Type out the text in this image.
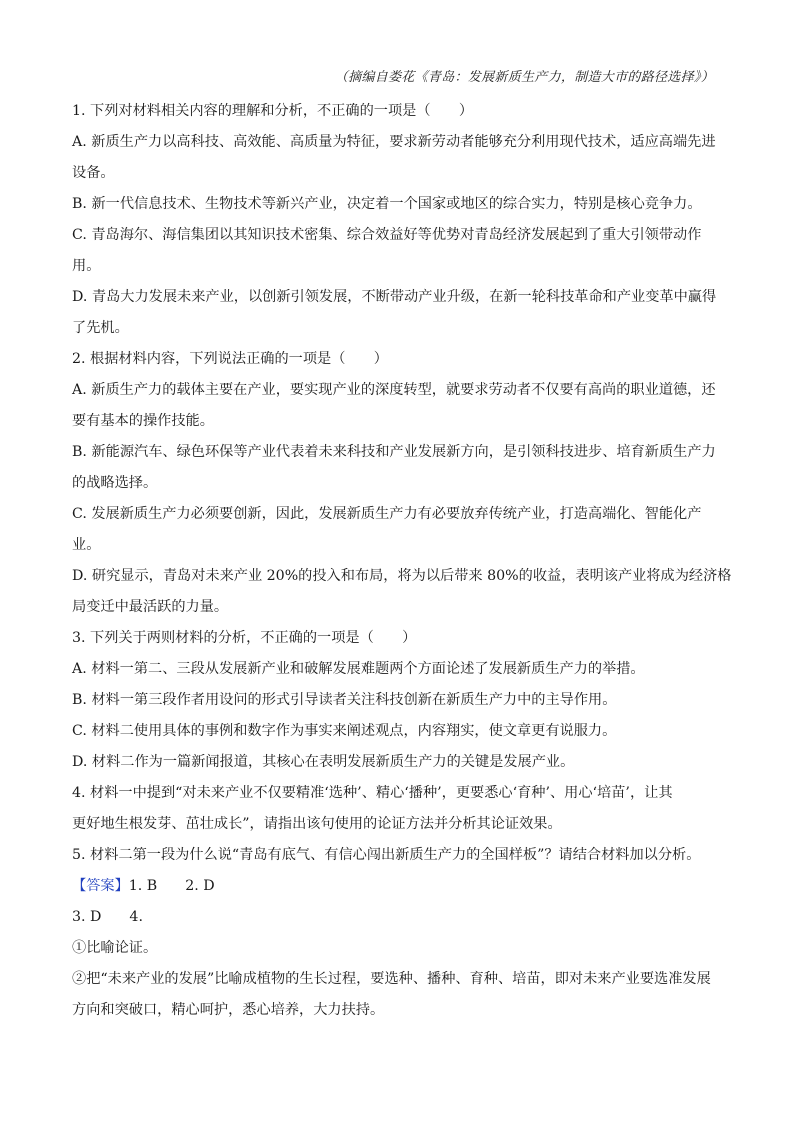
（摘编自娄花《青岛：发展新质生产力，制造大市的路径选择》）
1. 下列对材料相关内容的理解和分析，不正确的一项是（　　）
A. 新质生产力以高科技、高效能、高质量为特征，要求新劳动者能够充分利用现代技术，适应高端先进
设备。
B. 新一代信息技术、生物技术等新兴产业，决定着一个国家或地区的综合实力，特别是核心竞争力。
C. 青岛海尔、海信集团以其知识技术密集、综合效益好等优势对青岛经济发展起到了重大引领带动作
用。
D. 青岛大力发展未来产业，以创新引领发展，不断带动产业升级，在新一轮科技革命和产业变革中赢得
了先机。
2. 根据材料内容，下列说法正确的一项是（　　）
A. 新质生产力的载体主要在产业，要实现产业的深度转型，就要求劳动者不仅要有高尚的职业道德，还
要有基本的操作技能。
B. 新能源汽车、绿色环保等产业代表着未来科技和产业发展新方向，是引领科技进步、培育新质生产力
的战略选择。
C. 发展新质生产力必须要创新，因此，发展新质生产力有必要放弃传统产业，打造高端化、智能化产
业。
D. 研究显示，青岛对未来产业 20%的投入和布局，将为以后带来 80%的收益，表明该产业将成为经济格
局变迁中最活跃的力量。
3. 下列关于两则材料的分析，不正确的一项是（　　）
A. 材料一第二、三段从发展新产业和破解发展难题两个方面论述了发展新质生产力的举措。
B. 材料一第三段作者用设问的形式引导读者关注科技创新在新质生产力中的主导作用。
C. 材料二使用具体的事例和数字作为事实来阐述观点，内容翔实，使文章更有说服力。
D. 材料二作为一篇新闻报道，其核心在表明发展新质生产力的关键是发展产业。
4. 材料一中提到“对未来产业不仅要精准‘选种’、精心‘播种’，更要悉心‘育种’、用心‘培苗’，让其
更好地生根发芽、茁壮成长”，请指出该句使用的论证方法并分析其论证效果。
5. 材料二第一段为什么说“青岛有底气、有信心闯出新质生产力的全国样板”？请结合材料加以分析。
【答案】1. B 2. D
3. D 4.
①比喻论证。
②把“未来产业的发展”比喻成植物的生长过程，要选种、播种、育种、培苗，即对未来产业要选准发展
方向和突破口，精心呵护，悉心培养，大力扶持。
